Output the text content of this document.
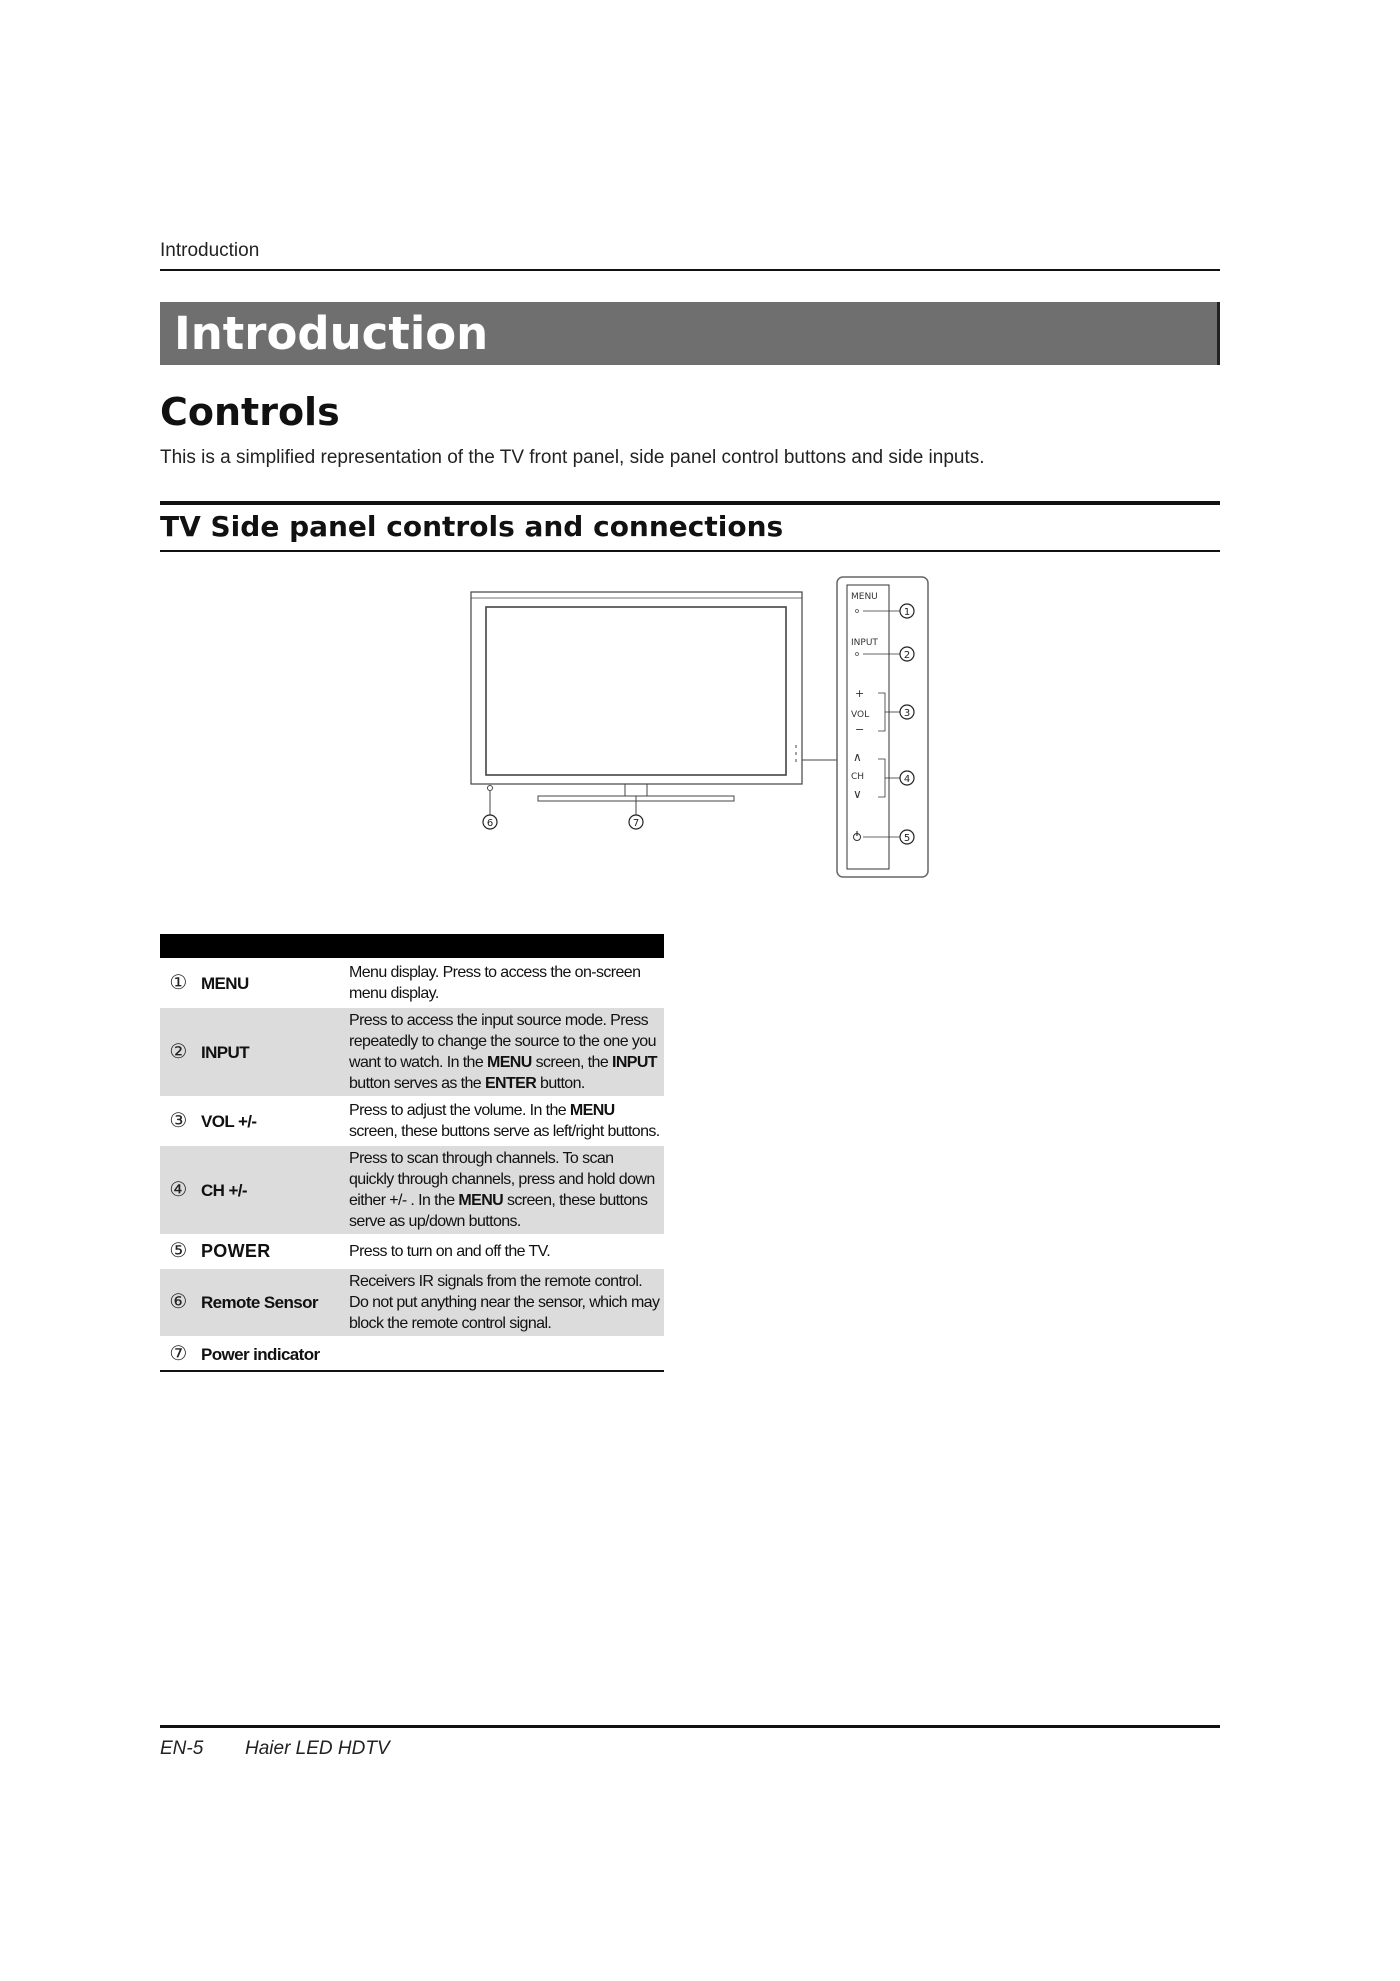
Introduction
Introduction
Controls

This is a simplified representation of the TV front panel, side panel control buttons and side inputs.

TV Side panel controls and connections
6	7
MENU
INPUT
+
VOL
−
∧
CH
∨
1
2
3
4
5

①	MENU	Menu display. Press to access the on-screen menu display.
②	INPUT	Press to access the input source mode. Press repeatedly to change the source to the one you want to watch. In the MENU screen, the INPUT button serves as the ENTER button.
③	VOL +/-	Press to adjust the volume. In the MENU screen, these buttons serve as left/right buttons.
④	CH +/-	Press to scan through channels. To scan quickly through channels, press and hold down either +/- . In the MENU screen, these buttons serve as up/down buttons.
⑤	POWER	Press to turn on and off the TV.
⑥	Remote Sensor	Receivers IR signals from the remote control. Do not put anything near the sensor, which may block the remote control signal.
⑦	Power indicator	
EN-5 Haier LED HDTV
